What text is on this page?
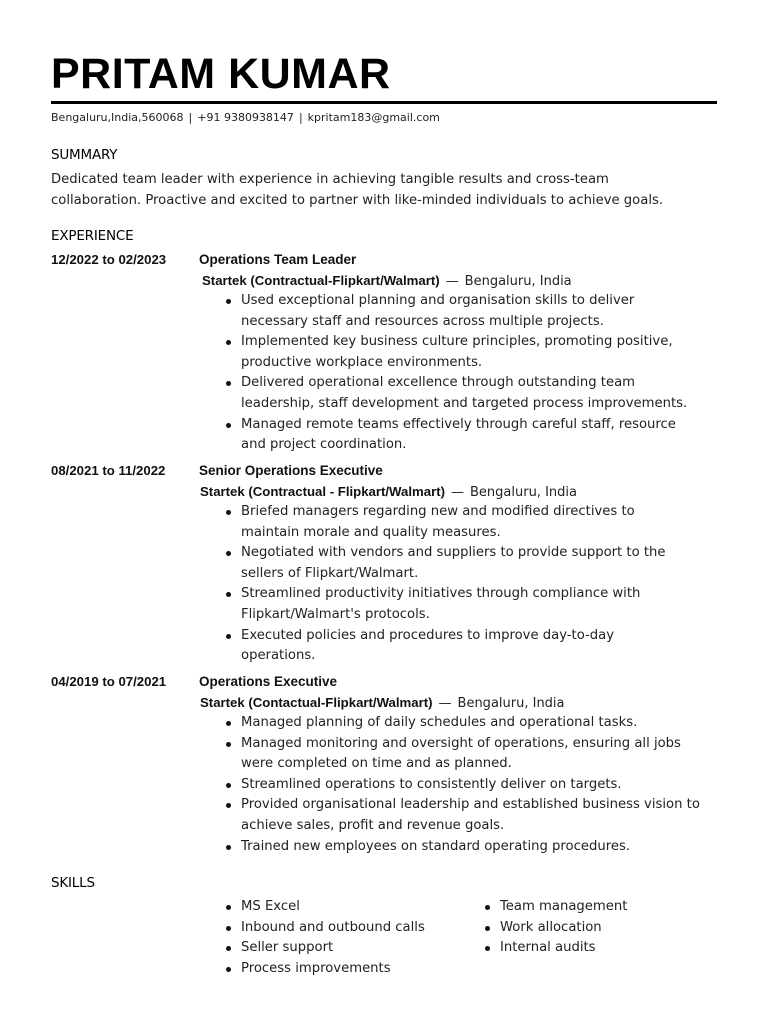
PRITAM KUMAR
Bengaluru,India,560068 | +91 9380938147 | kpritam183@gmail.com
SUMMARY
Dedicated team leader with experience in achieving tangible results and cross-team
collaboration. Proactive and excited to partner with like-minded individuals to achieve goals.
EXPERIENCE
12/2022 to 02/2023 Operations Team Leader
Startek (Contractual-Flipkart/Walmart) — Bengaluru, India
Used exceptional planning and organisation skills to deliver
necessary staff and resources across multiple projects.
Implemented key business culture principles, promoting positive,
productive workplace environments.
Delivered operational excellence through outstanding team
leadership, staff development and targeted process improvements.
Managed remote teams effectively through careful staff, resource
and project coordination.
08/2021 to 11/2022 Senior Operations Executive
Startek (Contractual - Flipkart/Walmart) — Bengaluru, India
Briefed managers regarding new and modified directives to
maintain morale and quality measures.
Negotiated with vendors and suppliers to provide support to the
sellers of Flipkart/Walmart.
Streamlined productivity initiatives through compliance with
Flipkart/Walmart's protocols.
Executed policies and procedures to improve day-to-day
operations.
04/2019 to 07/2021 Operations Executive
Startek (Contactual-Flipkart/Walmart) — Bengaluru, India
Managed planning of daily schedules and operational tasks.
Managed monitoring and oversight of operations, ensuring all jobs
were completed on time and as planned.
Streamlined operations to consistently deliver on targets.
Provided organisational leadership and established business vision to
achieve sales, profit and revenue goals.
Trained new employees on standard operating procedures.
SKILLS
MS Excel
Inbound and outbound calls
Seller support
Process improvements
Team management
Work allocation
Internal audits
